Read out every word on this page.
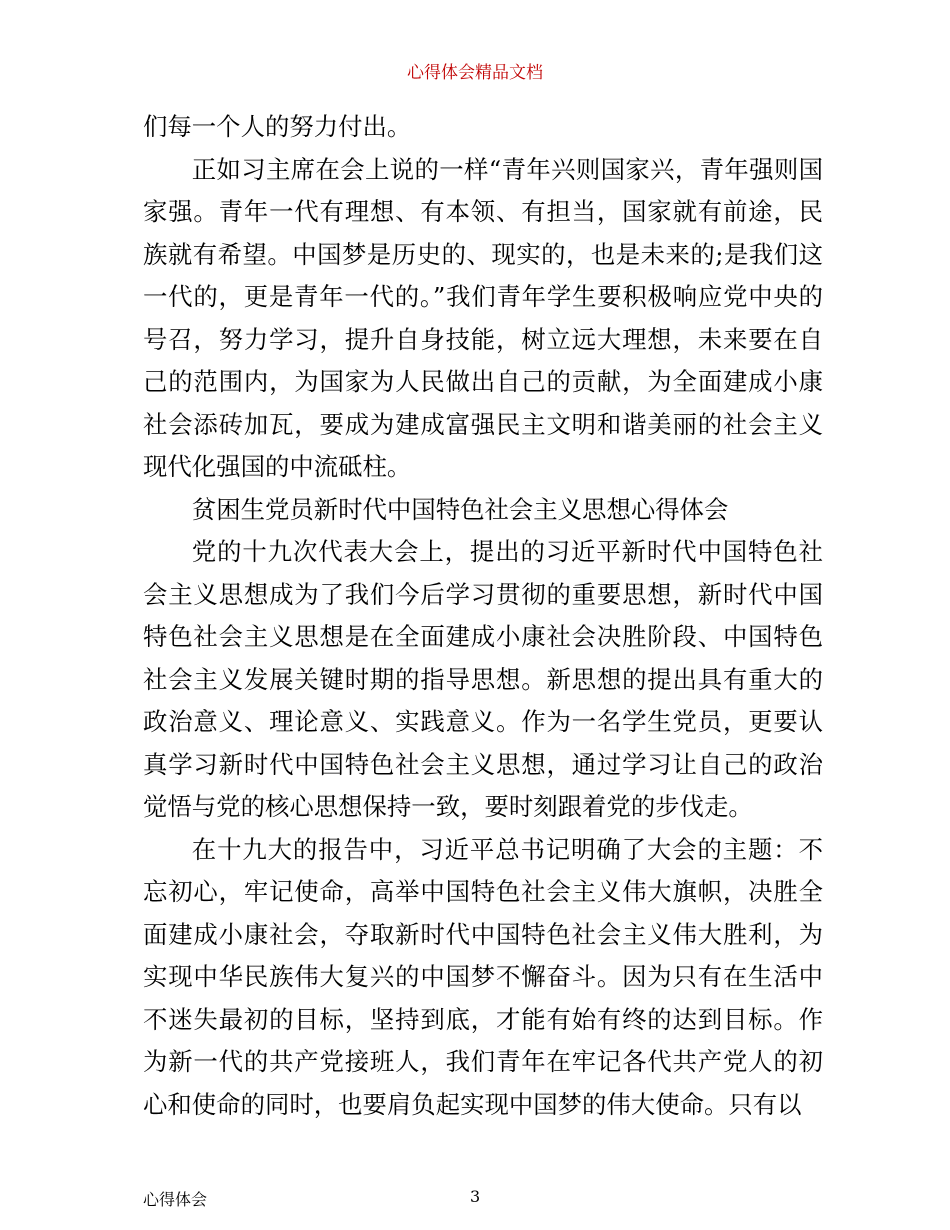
心得体会精品文档

们每一个人的努力付出。

正如习主席在会上说的一样“青年兴则国家兴，青年强则国家强。青年一代有理想、有本领、有担当，国家就有前途，民族就有希望。中国梦是历史的、现实的，也是未来的;是我们这一代的，更是青年一代的。”我们青年学生要积极响应党中央的号召，努力学习，提升自身技能，树立远大理想，未来要在自己的范围内，为国家为人民做出自己的贡献，为全面建成小康社会添砖加瓦，要成为建成富强民主文明和谐美丽的社会主义现代化强国的中流砥柱。

贫困生党员新时代中国特色社会主义思想心得体会

党的十九次代表大会上，提出的习近平新时代中国特色社会主义思想成为了我们今后学习贯彻的重要思想，新时代中国特色社会主义思想是在全面建成小康社会决胜阶段、中国特色社会主义发展关键时期的指导思想。新思想的提出具有重大的政治意义、理论意义、实践意义。作为一名学生党员，更要认真学习新时代中国特色社会主义思想，通过学习让自己的政治觉悟与党的核心思想保持一致，要时刻跟着党的步伐走。

在十九大的报告中，习近平总书记明确了大会的主题：不忘初心，牢记使命，高举中国特色社会主义伟大旗帜，决胜全面建成小康社会，夺取新时代中国特色社会主义伟大胜利，为实现中华民族伟大复兴的中国梦不懈奋斗。因为只有在生活中不迷失最初的目标，坚持到底，才能有始有终的达到目标。作为新一代的共产党接班人，我们青年在牢记各代共产党人的初心和使命的同时，也要肩负起实现中国梦的伟大使命。只有以

心得体会	3
